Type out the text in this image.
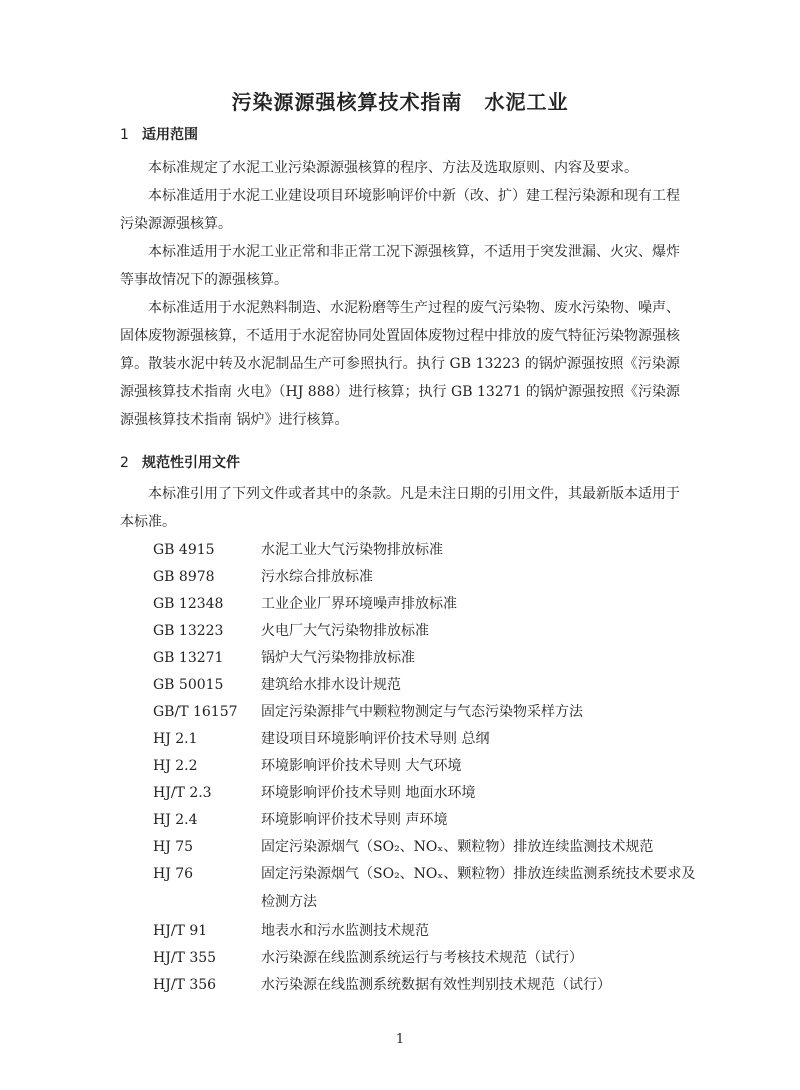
污染源源强核算技术指南 水泥工业
1 适用范围
本标准规定了水泥工业污染源源强核算的程序、方法及选取原则、内容及要求。
本标准适用于水泥工业建设项目环境影响评价中新（改、扩）建工程污染源和现有工程污染源源强核算。
本标准适用于水泥工业正常和非正常工况下源强核算，不适用于突发泄漏、火灾、爆炸等事故情况下的源强核算。
本标准适用于水泥熟料制造、水泥粉磨等生产过程的废气污染物、废水污染物、噪声、固体废物源强核算，不适用于水泥窑协同处置固体废物过程中排放的废气特征污染物源强核算。散装水泥中转及水泥制品生产可参照执行。执行 GB 13223 的锅炉源强按照《污染源源强核算技术指南 火电》（HJ 888）进行核算；执行 GB 13271 的锅炉源强按照《污染源源强核算技术指南 锅炉》进行核算。
2 规范性引用文件
本标准引用了下列文件或者其中的条款。凡是未注日期的引用文件，其最新版本适用于本标准。
GB 4915	水泥工业大气污染物排放标准
GB 8978	污水综合排放标准
GB 12348	工业企业厂界环境噪声排放标准
GB 13223	火电厂大气污染物排放标准
GB 13271	锅炉大气污染物排放标准
GB 50015	建筑给水排水设计规范
GB/T 16157 固定污染源排气中颗粒物测定与气态污染物采样方法
HJ 2.1	建设项目环境影响评价技术导则 总纲
HJ 2.2	环境影响评价技术导则 大气环境
HJ/T 2.3	环境影响评价技术导则 地面水环境
HJ 2.4	环境影响评价技术导则 声环境
HJ 75	固定污染源烟气（SO₂、NOₓ、颗粒物）排放连续监测技术规范
HJ 76	固定污染源烟气（SO₂、NOₓ、颗粒物）排放连续监测系统技术要求及检测方法
HJ/T 91	地表水和污水监测技术规范
HJ/T 355	水污染源在线监测系统运行与考核技术规范（试行）
HJ/T 356	水污染源在线监测系统数据有效性判别技术规范（试行）
1
